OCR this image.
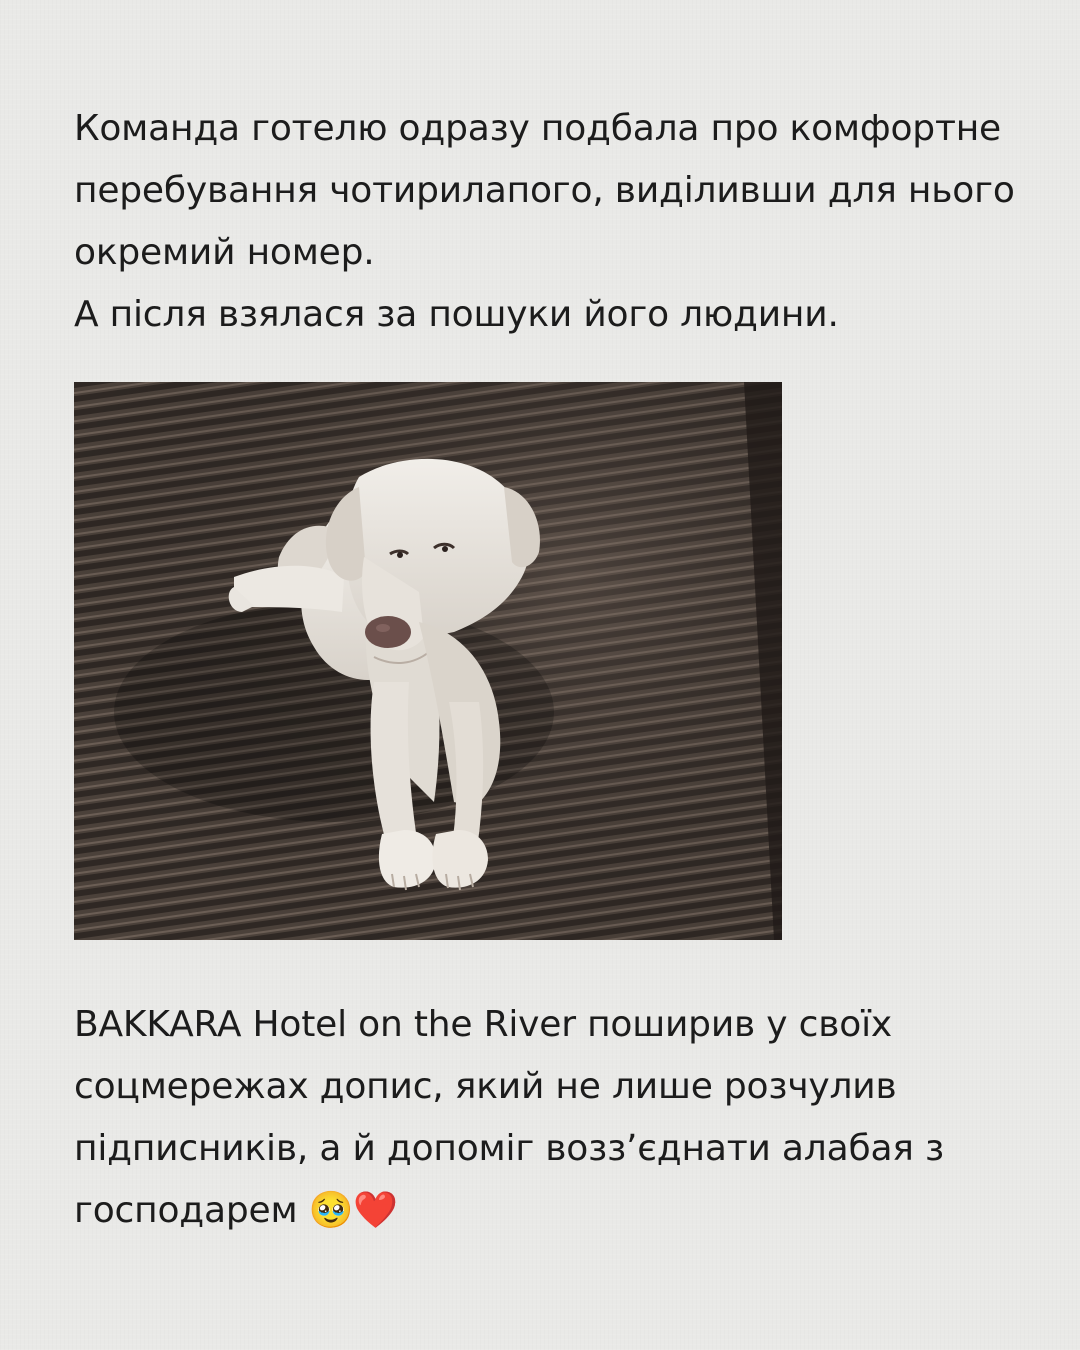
Команда готелю одразу подбала про комфортне перебування чотирилапого, виділивши для нього окремий номер.

А після взялася за пошуки його людини.

BAKKARA Hotel on the River поширив у своїх соцмережах допис, який не лише розчулив підписників, а й допоміг возз’єднати алабая з господарем 🥹❤️
